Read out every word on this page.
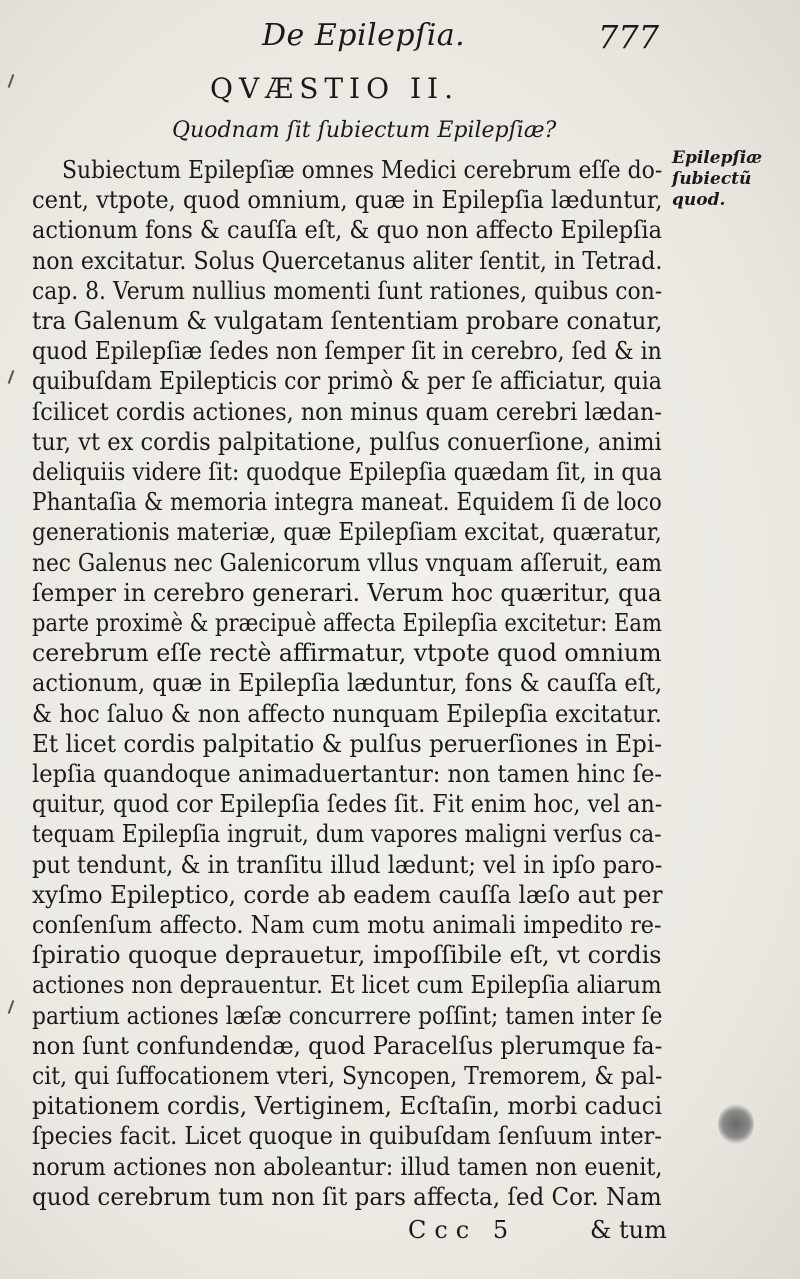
De Epilepſia.	777
QVÆSTIO II.
Quodnam ſit ſubiectum Epilepſiæ?
Epilepſiæ
ſubiectũ
quod.
Subiectum Epilepſiæ omnes Medici cerebrum eſſe do-
cent, vtpote, quod omnium, quæ in Epilepſia læduntur,
actionum fons & cauſſa eſt, & quo non affecto Epilepſia
non excitatur. Solus Quercetanus aliter ſentit, in Tetrad.
cap. 8. Verum nullius momenti ſunt rationes, quibus con-
tra Galenum & vulgatam ſententiam probare conatur,
quod Epilepſiæ ſedes non ſemper ſit in cerebro, ſed & in
quibuſdam Epilepticis cor primò & per ſe afficiatur, quia
ſcilicet cordis actiones, non minus quam cerebri lædan-
tur, vt ex cordis palpitatione, pulſus conuerſione, animi
deliquiis videre ſit: quodque Epilepſia quædam ſit, in qua
Phantaſia & memoria integra maneat. Equidem ſi de loco
generationis materiæ, quæ Epilepſiam excitat, quæratur,
nec Galenus nec Galenicorum vllus vnquam aſſeruit, eam
ſemper in cerebro generari. Verum hoc quæritur, qua
parte proximè & præcipuè affecta Epilepſia excitetur: Eam
cerebrum eſſe rectè affirmatur, vtpote quod omnium
actionum, quæ in Epilepſia læduntur, fons & cauſſa eſt,
& hoc ſaluo & non affecto nunquam Epilepſia excitatur.
Et licet cordis palpitatio & pulſus peruerſiones in Epi-
lepſia quandoque animaduertantur: non tamen hinc ſe-
quitur, quod cor Epilepſia ſedes ſit. Fit enim hoc, vel an-
tequam Epilepſia ingruit, dum vapores maligni verſus ca-
put tendunt, & in tranſitu illud lædunt; vel in ipſo paro-
xyſmo Epileptico, corde ab eadem cauſſa læſo aut per
conſenſum affecto. Nam cum motu animali impedito re-
ſpiratio quoque deprauetur, impoſſibile eſt, vt cordis
actiones non deprauentur. Et licet cum Epilepſia aliarum
partium actiones læſæ concurrere poſſint; tamen inter ſe
non ſunt confundendæ, quod Paracelſus plerumque fa-
cit, qui ſuffocationem vteri, Syncopen, Tremorem, & pal-
pitationem cordis, Vertiginem, Ecſtaſin, morbi caduci
ſpecies facit. Licet quoque in quibuſdam ſenſuum inter-
norum actiones non aboleantur: illud tamen non euenit,
quod cerebrum tum non ſit pars affecta, ſed Cor. Nam
Ccc 5	& tum
